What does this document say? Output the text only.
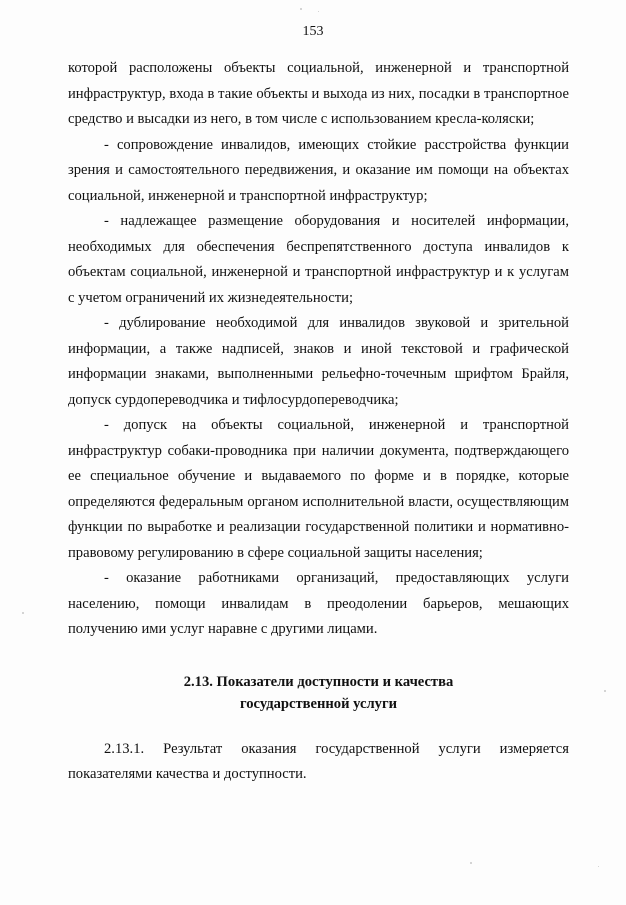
153

которой расположены объекты социальной, инженерной и транспортной инфраструктур, входа в такие объекты и выхода из них, посадки в транспортное средство и высадки из него, в том числе с использованием кресла-коляски;

- сопровождение инвалидов, имеющих стойкие расстройства функции зрения и самостоятельного передвижения, и оказание им помощи на объектах социальной, инженерной и транспортной инфраструктур;

- надлежащее размещение оборудования и носителей информации, необходимых для обеспечения беспрепятственного доступа инвалидов к объектам социальной, инженерной и транспортной инфраструктур и к услугам с учетом ограничений их жизнедеятельности;

- дублирование необходимой для инвалидов звуковой и зрительной информации, а также надписей, знаков и иной текстовой и графической информации знаками, выполненными рельефно-точечным шрифтом Брайля, допуск сурдопереводчика и тифлосурдопереводчика;

- допуск на объекты социальной, инженерной и транспортной инфраструктур собаки-проводника при наличии документа, подтверждающего ее специальное обучение и выдаваемого по форме и в порядке, которые определяются федеральным органом исполнительной власти, осуществляющим функции по выработке и реализации государственной политики и нормативно-правовому регулированию в сфере социальной защиты населения;

- оказание работниками организаций, предоставляющих услуги населению, помощи инвалидам в преодолении барьеров, мешающих получению ими услуг наравне с другими лицами.

2.13. Показатели доступности и качества
государственной услуги

2.13.1. Результат оказания государственной услуги измеряется показателями качества и доступности.
